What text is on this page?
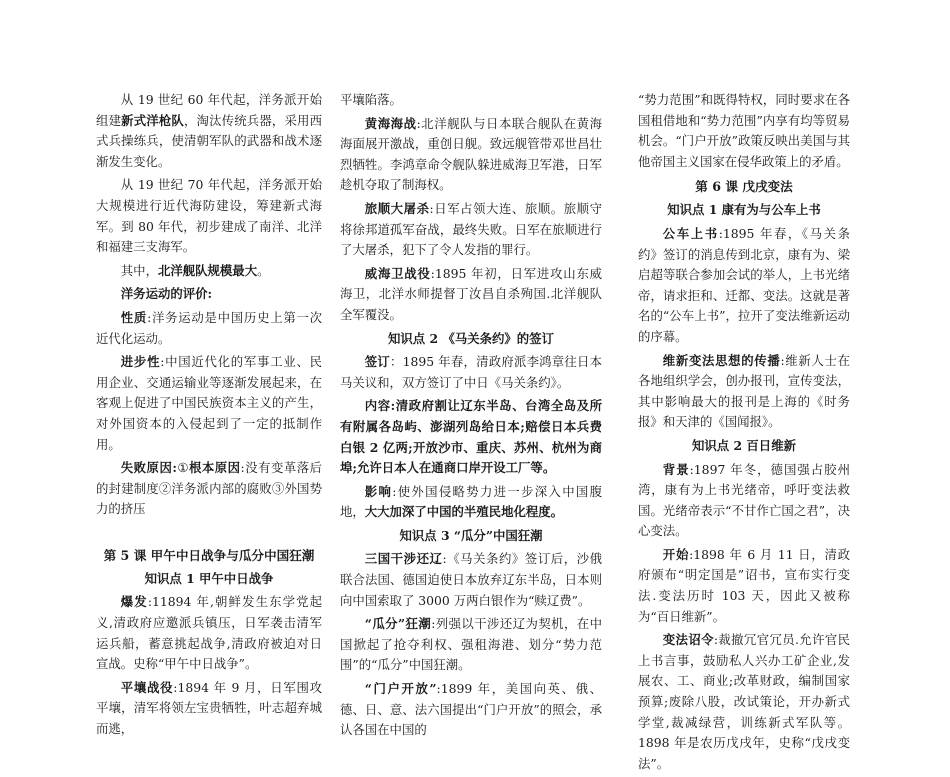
从 19 世纪 60 年代起，洋务派开始组建新式洋枪队，淘汰传统兵器，采用西式兵操练兵，使清朝军队的武器和战术逐渐发生变化。

从 19 世纪 70 年代起，洋务派开始大规模进行近代海防建设，筹建新式海军。到 80 年代，初步建成了南洋、北洋和福建三支海军。

其中，北洋舰队规模最大。

洋务运动的评价:

性质:洋务运动是中国历史上第一次近代化运动。

进步性:中国近代化的军事工业、民用企业、交通运输业等逐渐发展起来，在客观上促进了中国民族资本主义的产生，对外国资本的入侵起到了一定的抵制作用。

失败原因:①根本原因:没有变革落后的封建制度②洋务派内部的腐败③外国势力的挤压

第 5 课 甲午中日战争与瓜分中国狂潮
知识点 1 甲午中日战争

爆发:11894 年,朝鲜发生东学党起义,清政府应邀派兵镇压，日军袭击清军运兵船，蓄意挑起战争,清政府被迫对日宣战。史称“甲午中日战争”。

平壤战役:1894 年 9 月，日军围攻平壤，清军将领左宝贵牺牲，叶志超弃城而逃，

平壤陷落。

黄海海战:北洋舰队与日本联合舰队在黄海海面展开激战，重创日舰。致远舰管带邓世昌壮烈牺牲。李鸿章命令舰队躲进威海卫军港，日军趁机夺取了制海权。

旅顺大屠杀:日军占领大连、旅顺。旅顺守将徐邦道孤军奋战，最终失败。日军在旅顺进行了大屠杀，犯下了令人发指的罪行。

威海卫战役:1895 年初，日军进攻山东威海卫，北洋水师提督丁汝昌自杀殉国.北洋舰队全军覆没。

知识点 2 《马关条约》的签订

签订：1895 年春，清政府派李鸿章往日本马关议和，双方签订了中日《马关条约》。

内容:清政府割让辽东半岛、台湾全岛及所有附属各岛屿、澎湖列岛给日本;赔偿日本兵费白银 2 亿两;开放沙市、重庆、苏州、杭州为商埠;允许日本人在通商口岸开设工厂等。

影响:使外国侵略势力进一步深入中国腹地，大大加深了中国的半殖民地化程度。

知识点 3 “瓜分”中国狂潮

三国干涉还辽:《马关条约》签订后，沙俄联合法国、德国迫使日本放弃辽东半岛，日本则向中国索取了 3000 万两白银作为“赎辽费”。

“瓜分”狂潮:列强以干涉还辽为契机，在中国掀起了抢夺利权、强租海港、划分“势力范围”的“瓜分”中国狂潮。

“门户开放”:1899 年，美国向英、俄、德、日、意、法六国提出“门户开放”的照会，承认各国在中国的

“势力范围”和既得特权，同时要求在各国租借地和“势力范围”内享有均等贸易机会。“门户开放”政策反映出美国与其他帝国主义国家在侵华政策上的矛盾。

第 6 课 戊戌变法
知识点 1 康有为与公车上书

公车上书:1895 年春，《马关条约》签订的消息传到北京，康有为、梁启超等联合参加会试的举人，上书光绪帝，请求拒和、迁都、变法。这就是著名的“公车上书”，拉开了变法维新运动的序幕。

维新变法思想的传播:维新人士在各地组织学会，创办报刊，宣传变法，其中影响最大的报刊是上海的《时务报》和天津的《国闻报》。

知识点 2 百日维新

背景:1897 年冬，德国强占胶州湾，康有为上书光绪帝，呼吁变法救国。光绪帝表示“不甘作亡国之君”，决心变法。

开始:1898 年 6 月 11 日，清政府颁布“明定国是”诏书，宣布实行变法.变法历时 103 天，因此又被称为“百日维新”。

变法诏令:裁撤冗官冗员.允许官民上书言事，鼓励私人兴办工矿企业,发展农、工、商业;改革财政，编制国家预算;废除八股，改试策论，开办新式学堂,裁减绿营，训练新式军队等。1898 年是农历戊戌年，史称“戊戌变法”。
